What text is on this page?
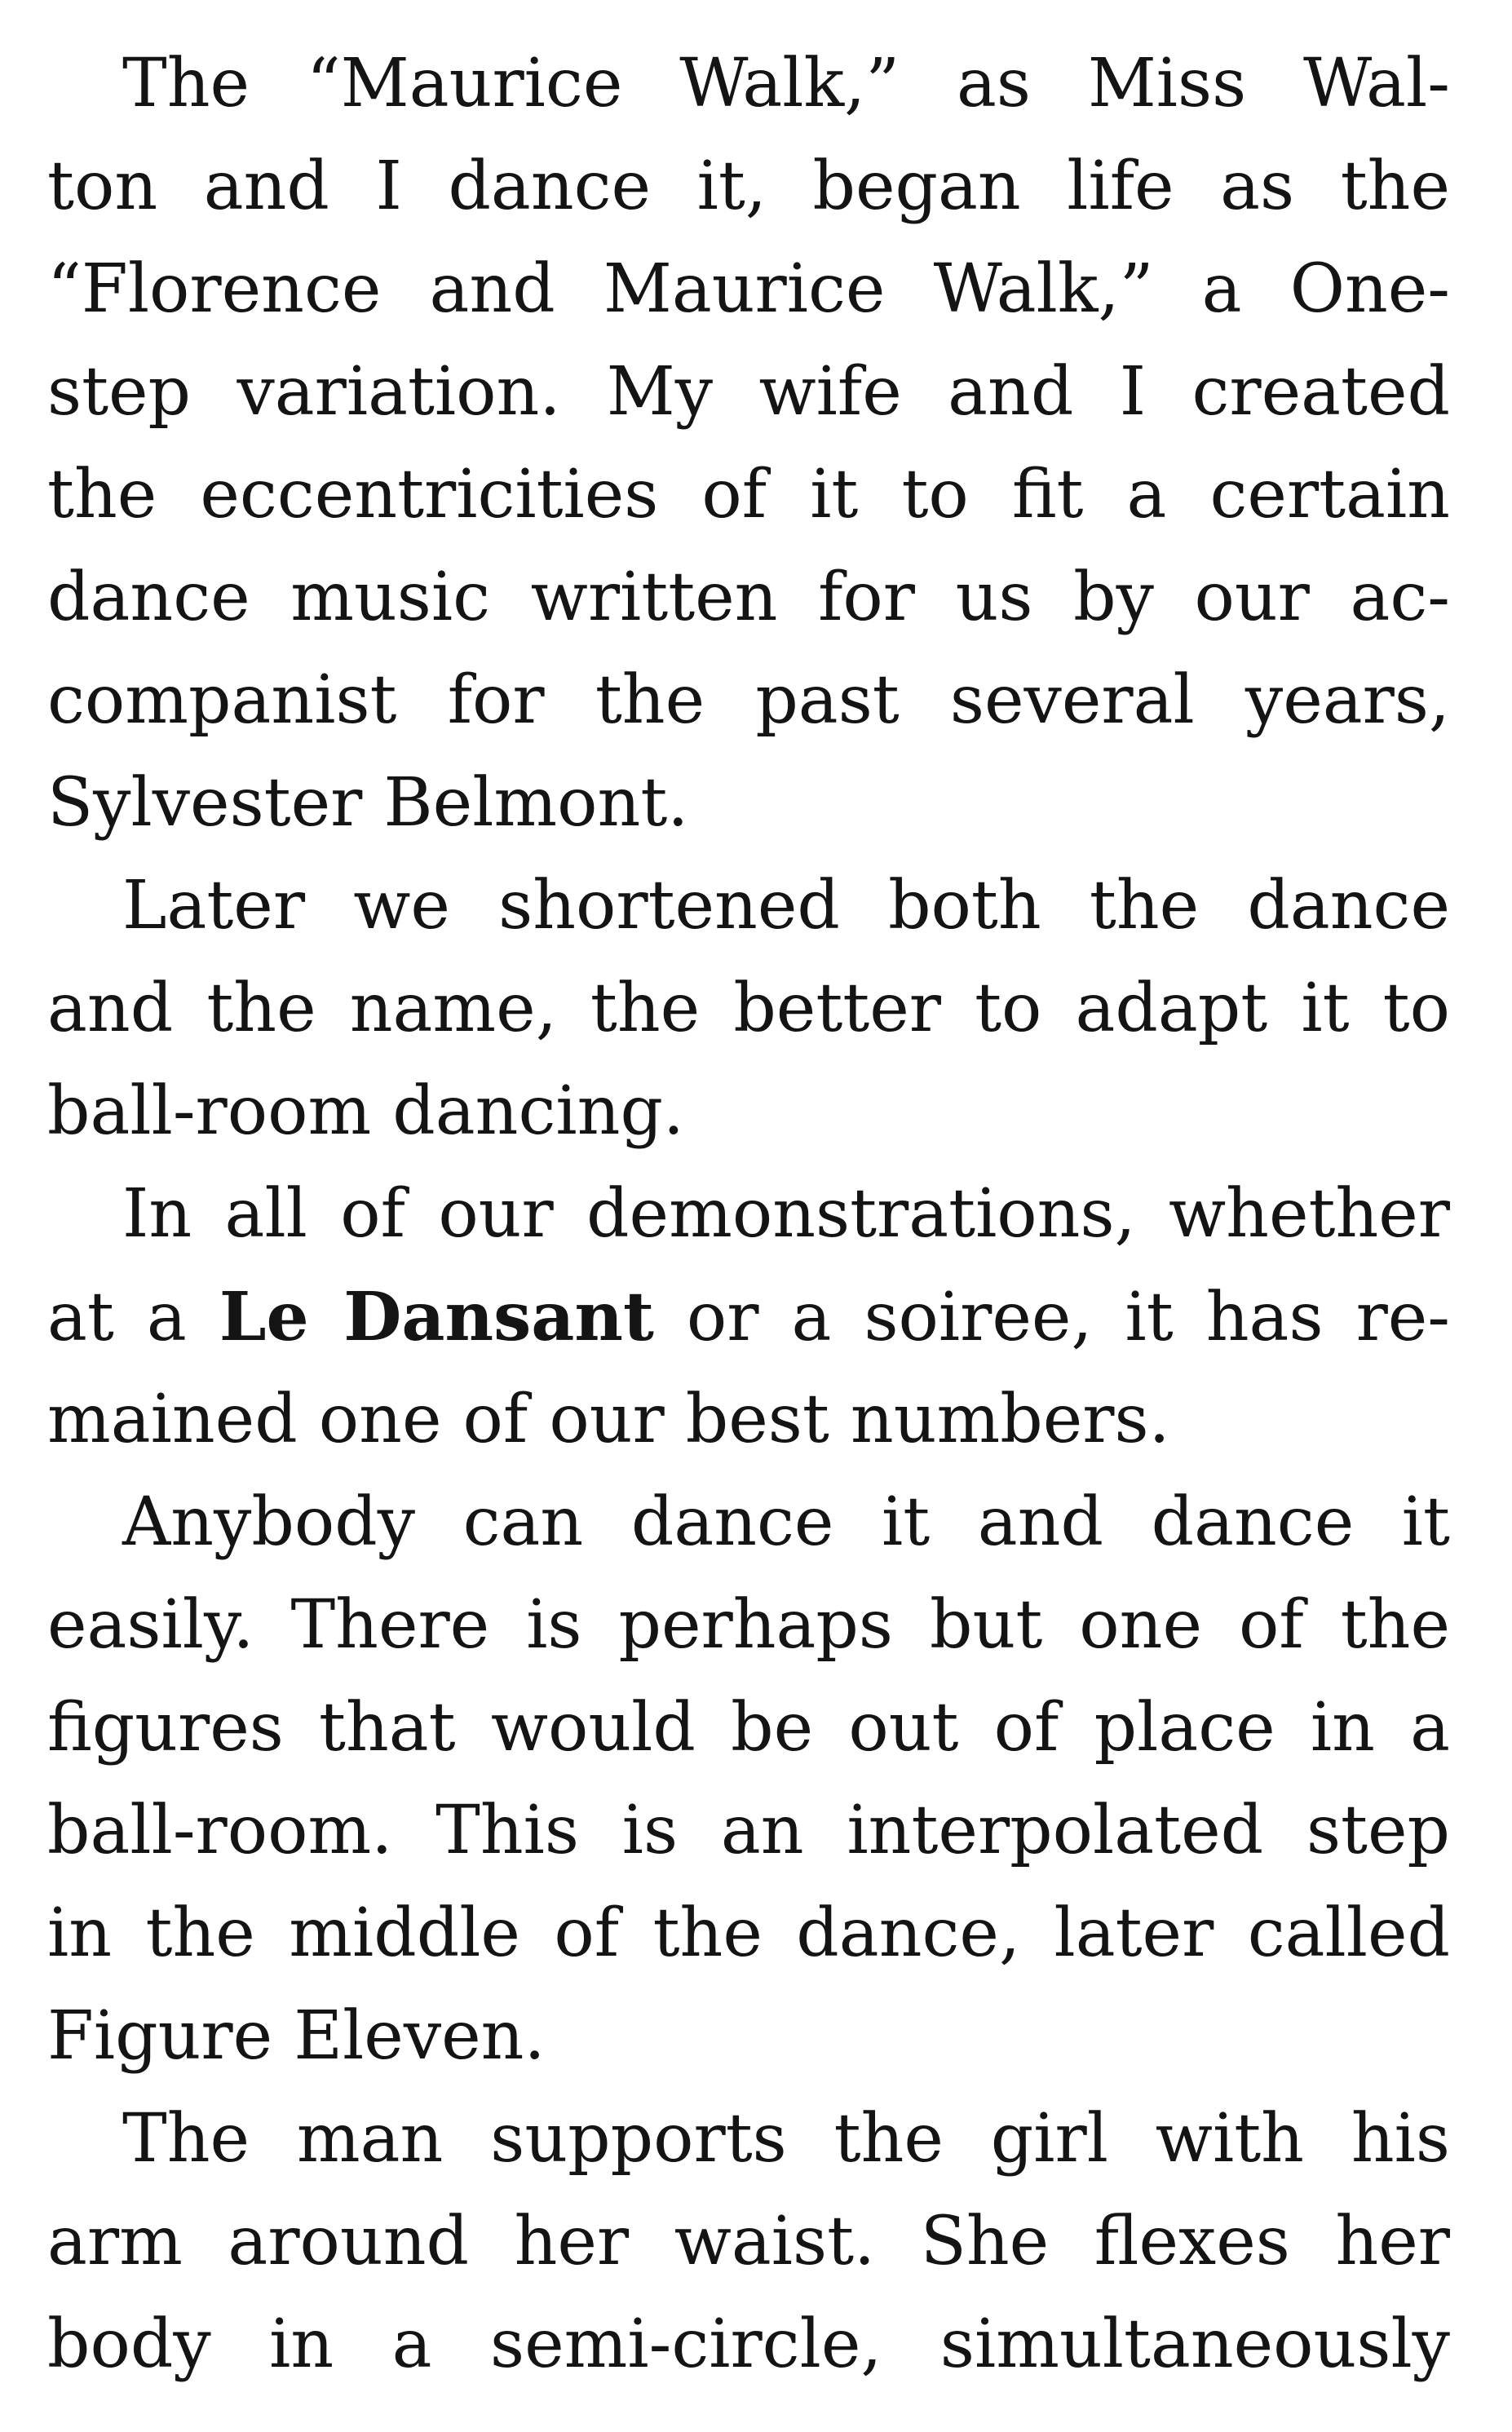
The “Maurice Walk,” as Miss Wal-
ton and I dance it, began life as the
“Florence and Maurice Walk,” a One-
step variation. My wife and I created
the eccentricities of it to fit a certain
dance music written for us by our ac-
companist for the past several years,
Sylvester Belmont.
Later we shortened both the dance
and the name, the better to adapt it to
ball-room dancing.
In all of our demonstrations, whether
at a Le Dansant or a soiree, it has re-
mained one of our best numbers.
Anybody can dance it and dance it
easily. There is perhaps but one of the
figures that would be out of place in a
ball-room. This is an interpolated step
in the middle of the dance, later called
Figure Eleven.
The man supports the girl with his
arm around her waist. She flexes her
body in a semi-circle, simultaneously
